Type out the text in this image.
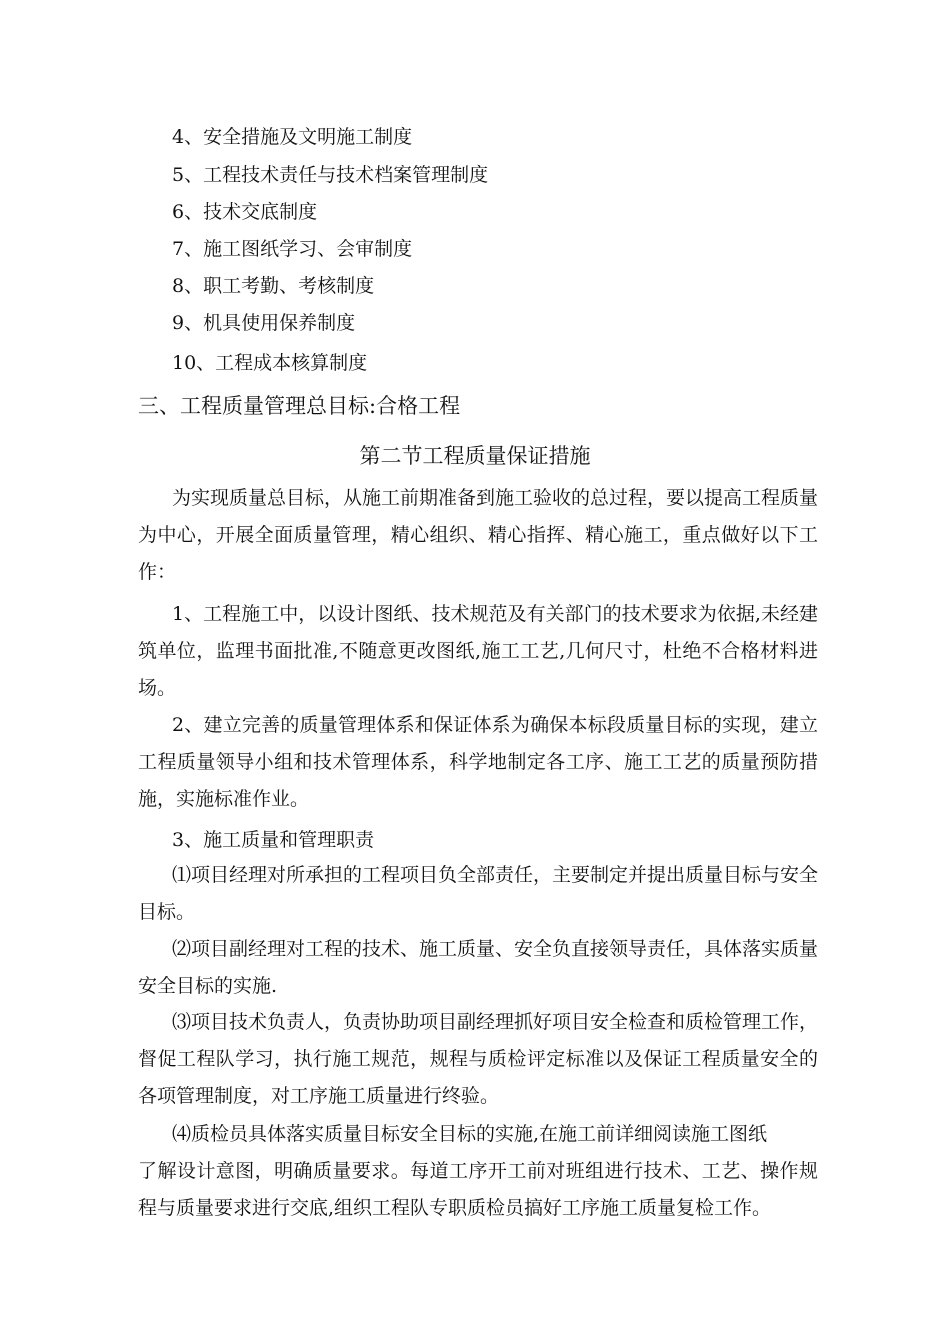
4、安全措施及文明施工制度
5、工程技术责任与技术档案管理制度
6、技术交底制度
7、施工图纸学习、会审制度
8、职工考勤、考核制度
9、机具使用保养制度
10、工程成本核算制度
三、工程质量管理总目标:合格工程
第二节工程质量保证措施
为实现质量总目标，从施工前期准备到施工验收的总过程，要以提高工程质量为中心，开展全面质量管理，精心组织、精心指挥、精心施工，重点做好以下工作：
1、工程施工中，以设计图纸、技术规范及有关部门的技术要求为依据,未经建筑单位，监理书面批准,不随意更改图纸,施工工艺,几何尺寸，杜绝不合格材料进场。
2、建立完善的质量管理体系和保证体系为确保本标段质量目标的实现，建立工程质量领导小组和技术管理体系，科学地制定各工序、施工工艺的质量预防措施，实施标准作业。
3、施工质量和管理职责
⑴项目经理对所承担的工程项目负全部责任，主要制定并提出质量目标与安全目标。
⑵项目副经理对工程的技术、施工质量、安全负直接领导责任，具体落实质量安全目标的实施.
⑶项目技术负责人，负责协助项目副经理抓好项目安全检查和质检管理工作，督促工程队学习，执行施工规范，规程与质检评定标准以及保证工程质量安全的各项管理制度，对工序施工质量进行终验。
⑷质检员具体落实质量目标安全目标的实施,在施工前详细阅读施工图纸
了解设计意图，明确质量要求。每道工序开工前对班组进行技术、工艺、操作规程与质量要求进行交底,组织工程队专职质检员搞好工序施工质量复检工作。
